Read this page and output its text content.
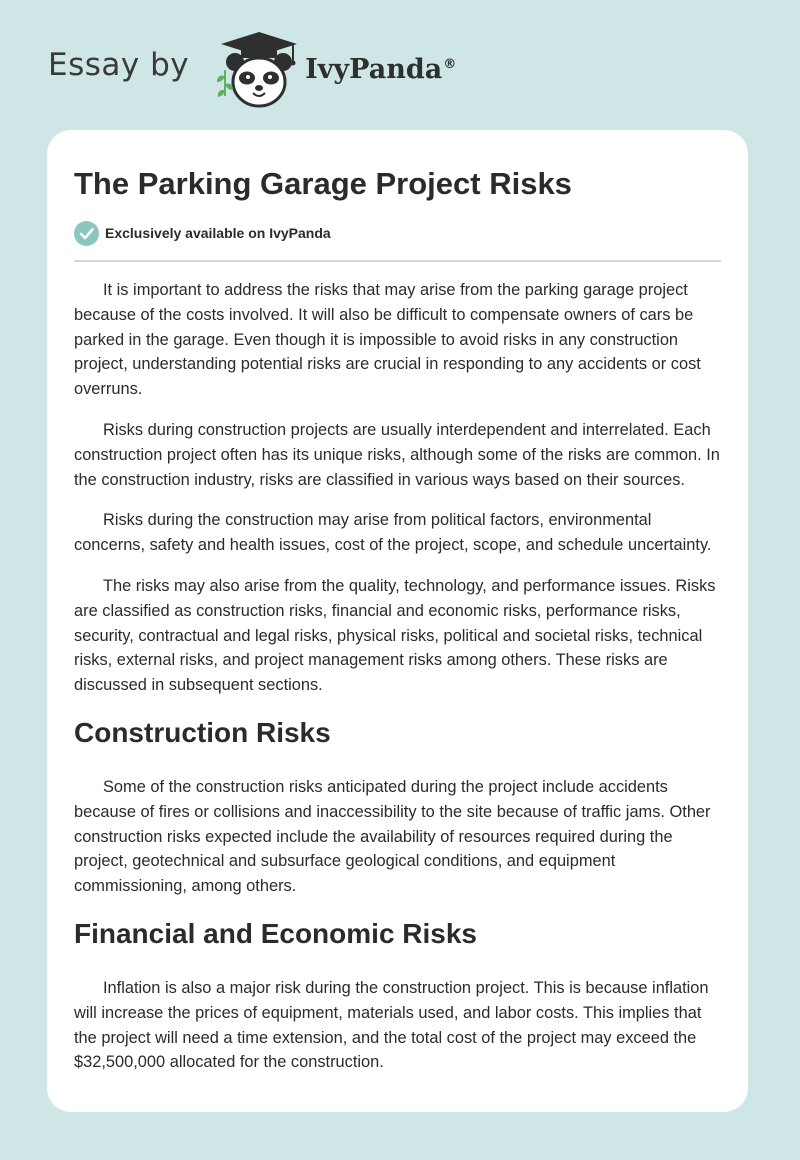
Essay by	IvyPanda®
The Parking Garage Project Risks
Exclusively available on IvyPanda

It is important to address the risks that may arise from the parking garage project because of the costs involved. It will also be difficult to compensate owners of cars be parked in the garage. Even though it is impossible to avoid risks in any construction project, understanding potential risks are crucial in responding to any accidents or cost overruns.

Risks during construction projects are usually interdependent and interrelated. Each construction project often has its unique risks, although some of the risks are common. In the construction industry, risks are classified in various ways based on their sources.

Risks during the construction may arise from political factors, environmental concerns, safety and health issues, cost of the project, scope, and schedule uncertainty.

The risks may also arise from the quality, technology, and performance issues. Risks are classified as construction risks, financial and economic risks, performance risks, security, contractual and legal risks, physical risks, political and societal risks, technical risks, external risks, and project management risks among others. These risks are discussed in subsequent sections.

Construction Risks

Some of the construction risks anticipated during the project include accidents because of fires or collisions and inaccessibility to the site because of traffic jams. Other construction risks expected include the availability of resources required during the project, geotechnical and subsurface geological conditions, and equipment commissioning, among others.

Financial and Economic Risks

Inflation is also a major risk during the construction project. This is because inflation will increase the prices of equipment, materials used, and labor costs. This implies that the project will need a time extension, and the total cost of the project may exceed the $32,500,000 allocated for the construction.
